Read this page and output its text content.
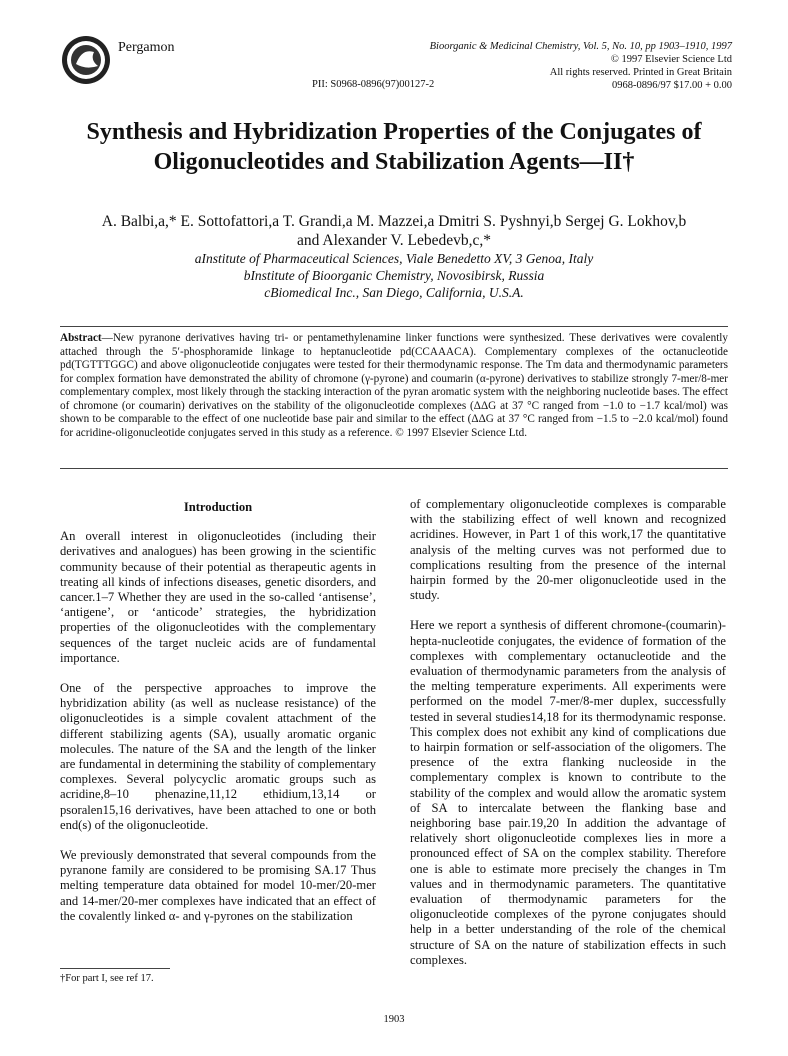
Pergamon	Bioorganic & Medicinal Chemistry, Vol. 5, No. 10, pp 1903–1910, 1997
© 1997 Elsevier Science Ltd
All rights reserved. Printed in Great Britain
0968-0896/97 $17.00 + 0.00
PII: S0968-0896(97)00127-2
Synthesis and Hybridization Properties of the Conjugates of
Oligonucleotides and Stabilization Agents—II†
A. Balbi,a,* E. Sottofattori,a T. Grandi,a M. Mazzei,a Dmitri S. Pyshnyi,b Sergej G. Lokhov,b
and Alexander V. Lebedevb,c,*
aInstitute of Pharmaceutical Sciences, Viale Benedetto XV, 3 Genoa, Italy
bInstitute of Bioorganic Chemistry, Novosibirsk, Russia
cBiomedical Inc., San Diego, California, U.S.A.
Abstract—New pyranone derivatives having tri- or pentamethylenamine linker functions were synthesized. These derivatives were covalently attached through the 5′-phosphoramide linkage to heptanucleotide pd(CCAAACA). Complementary complexes of the octanucleotide pd(TGTTTGGC) and above oligonucleotide conjugates were tested for their thermodynamic response. The Tm data and thermodynamic parameters for complex formation have demonstrated the ability of chromone (γ-pyrone) and coumarin (α-pyrone) derivatives to stabilize strongly 7-mer/8-mer complementary complex, most likely through the stacking interaction of the pyran aromatic system with the neighboring nucleotide bases. The effect of chromone (or coumarin) derivatives on the stability of the oligonucleotide complexes (ΔΔG at 37 °C ranged from −1.0 to −1.7 kcal/mol) was shown to be comparable to the effect of one nucleotide base pair and similar to the effect (ΔΔG at 37 °C ranged from −1.5 to −2.0 kcal/mol) found for acridine-oligonucleotide conjugates served in this study as a reference. © 1997 Elsevier Science Ltd.
Introduction

An overall interest in oligonucleotides (including their derivatives and analogues) has been growing in the scientific community because of their potential as therapeutic agents in treating all kinds of infections diseases, genetic disorders, and cancer.1–7 Whether they are used in the so-called ‘antisense’, ‘antigene’, or ‘anticode’ strategies, the hybridization properties of the oligonucleotides with the complementary sequences of the target nucleic acids are of fundamental importance.

One of the perspective approaches to improve the hybridization ability (as well as nuclease resistance) of the oligonucleotides is a simple covalent attachment of the different stabilizing agents (SA), usually aromatic organic molecules. The nature of the SA and the length of the linker are fundamental in determining the stability of complementary complexes. Several polycyclic aromatic groups such as acridine,8–10 phenazine,11,12 ethidium,13,14 or psoralen15,16 derivatives, have been attached to one or both end(s) of the oligonucleotide.

We previously demonstrated that several compounds from the pyranone family are considered to be promising SA.17 Thus melting temperature data obtained for model 10-mer/20-mer and 14-mer/20-mer complexes have indicated that an effect of the covalently linked α- and γ-pyrones on the stabilization

of complementary oligonucleotide complexes is comparable with the stabilizing effect of well known and recognized acridines. However, in Part 1 of this work,17 the quantitative analysis of the melting curves was not performed due to complications resulting from the presence of the internal hairpin formed by the 20-mer oligonucleotide used in the study.

Here we report a synthesis of different chromone-(coumarin)-hepta-nucleotide conjugates, the evidence of formation of the complexes with complementary octanucleotide and the evaluation of thermodynamic parameters from the analysis of the melting temperature experiments. All experiments were performed on the model 7-mer/8-mer duplex, successfully tested in several studies14,18 for its thermodynamic response. This complex does not exhibit any kind of complications due to hairpin formation or self-association of the oligomers. The presence of the extra flanking nucleoside in the complementary complex is known to contribute to the stability of the complex and would allow the aromatic system of SA to intercalate between the flanking base and neighboring base pair.19,20 In addition the advantage of relatively short oligonucleotide complexes lies in more a pronounced effect of SA on the complex stability. Therefore one is able to estimate more precisely the changes in Tm values and in thermodynamic parameters. The quantitative evaluation of thermodynamic parameters for the oligonucleotide complexes of the pyrone conjugates should help in a better understanding of the role of the chemical structure of SA on the nature of stabilization effects in such complexes.

†For part I, see ref 17.
1903
